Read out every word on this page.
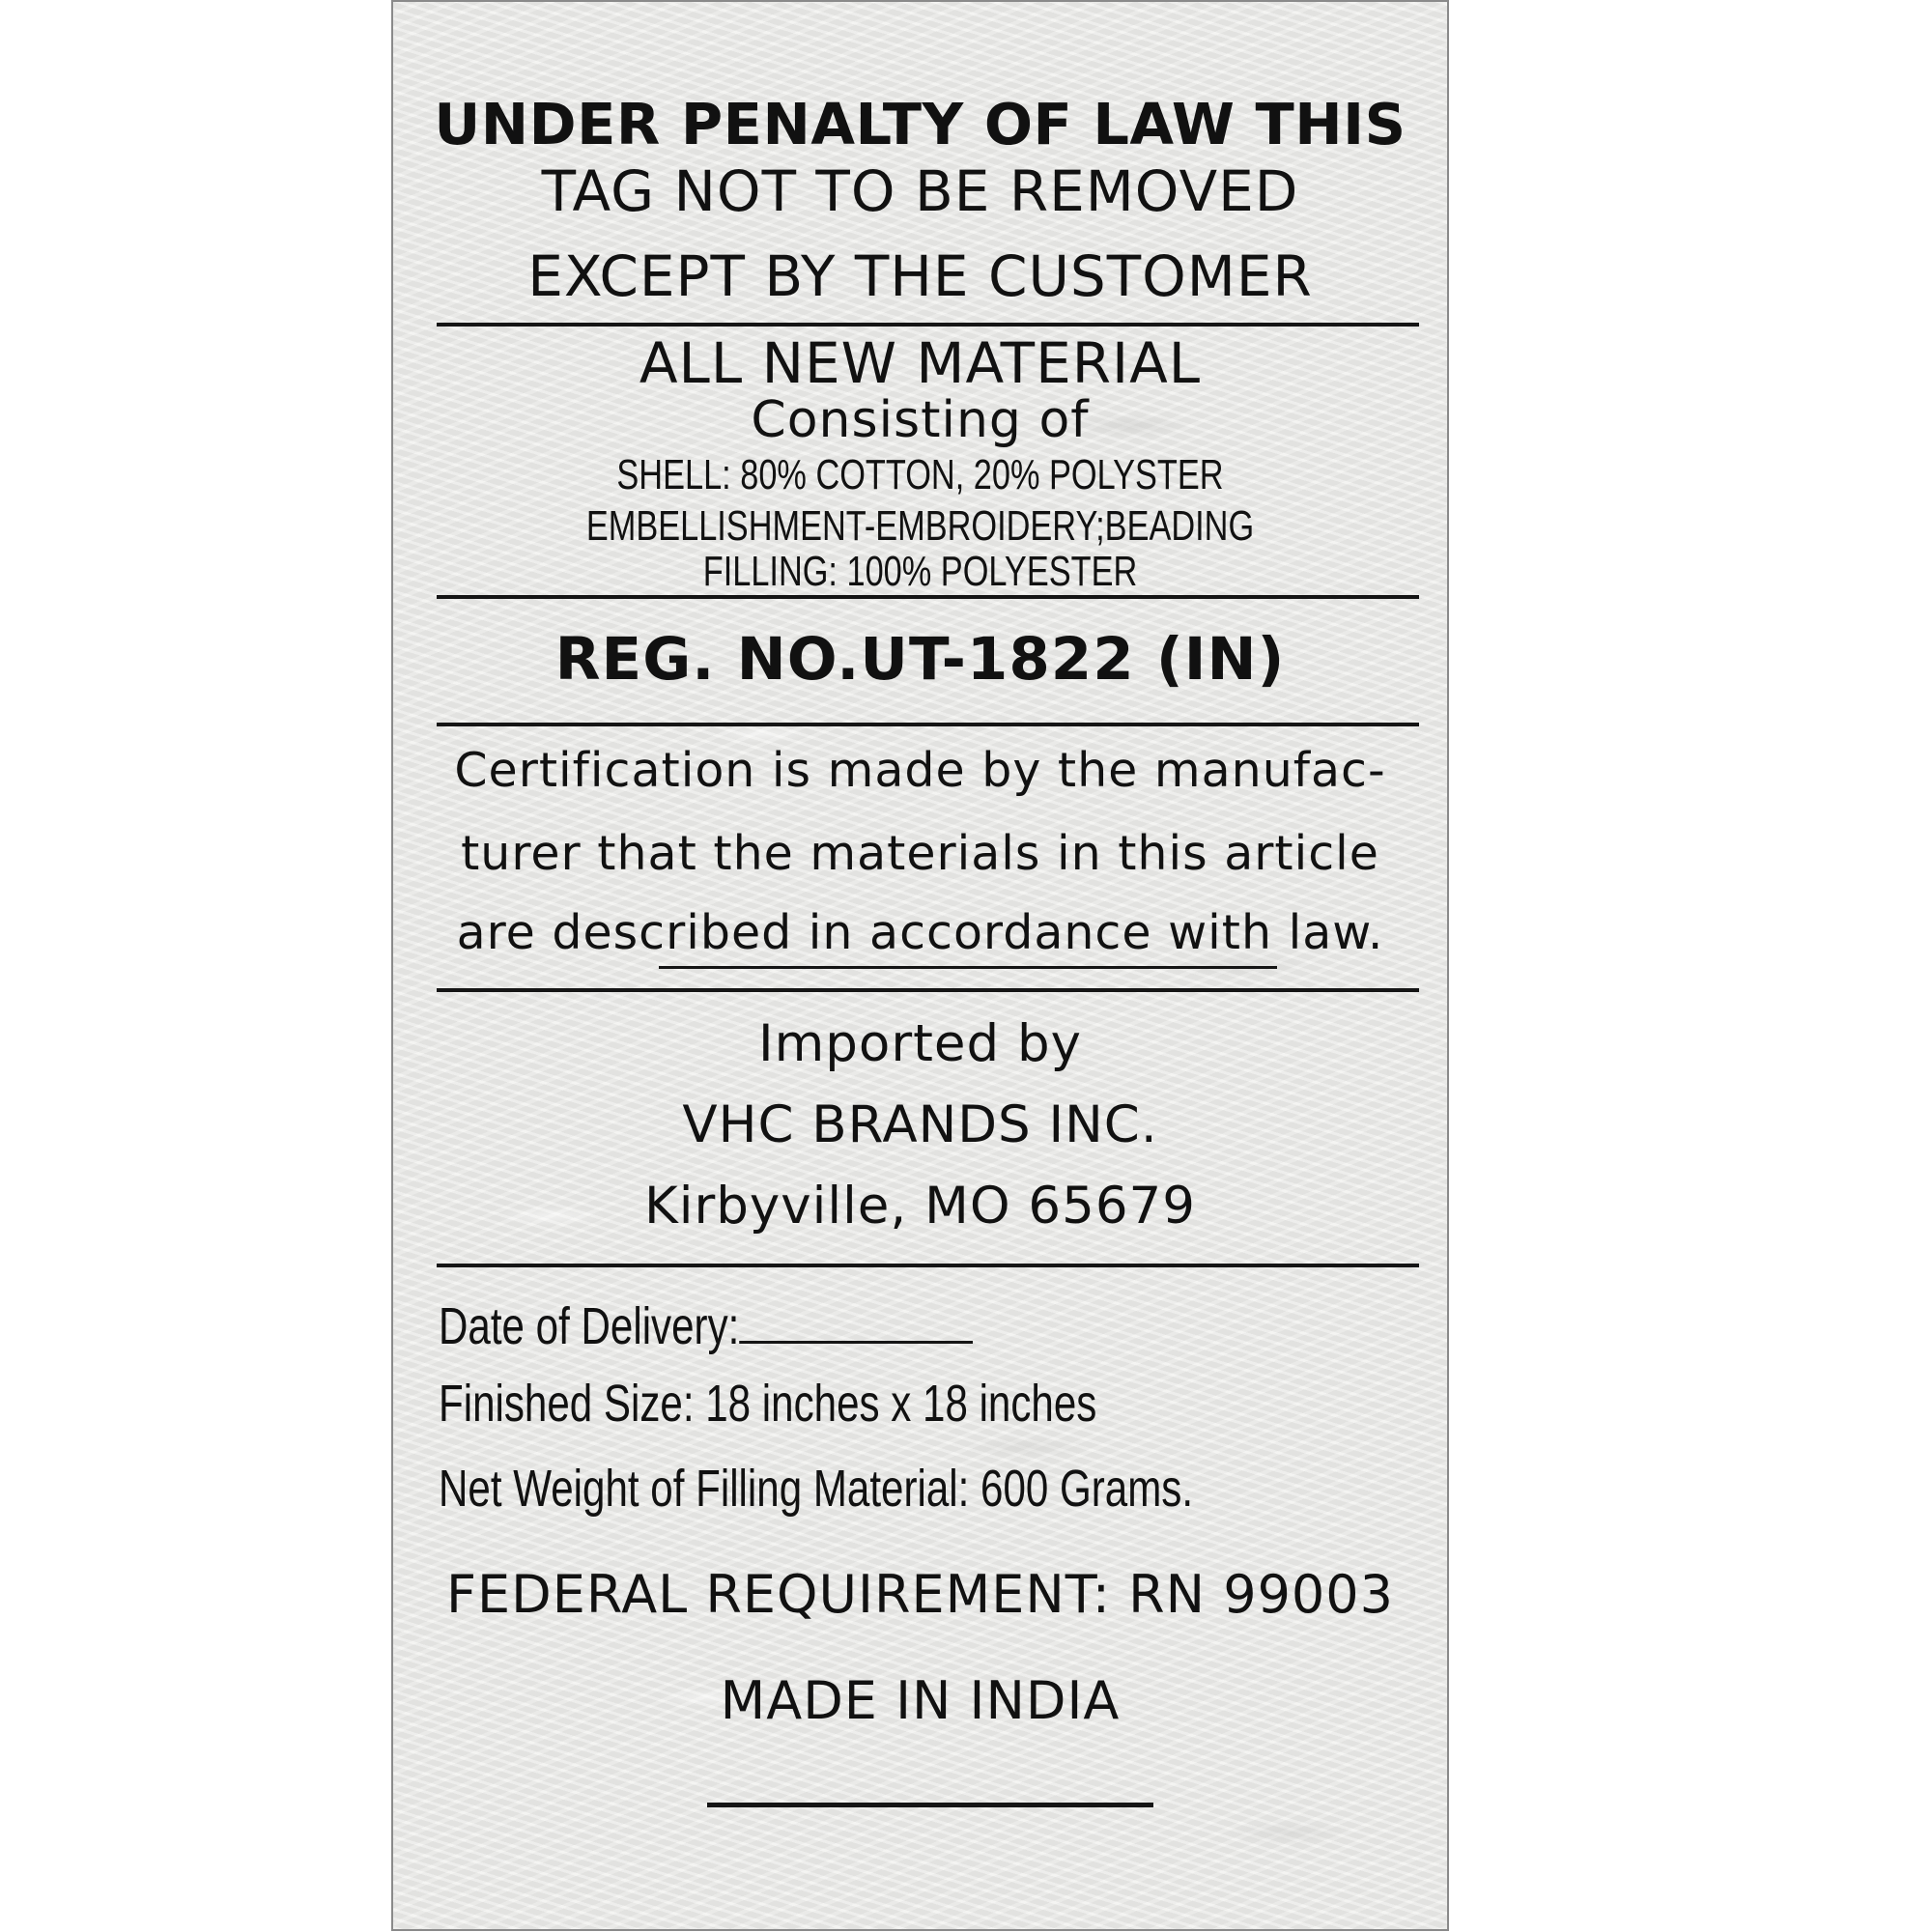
UNDER PENALTY OF LAW THIS
TAG NOT TO BE REMOVED
EXCEPT BY THE CUSTOMER
ALL NEW MATERIAL
Consisting of
SHELL: 80% COTTON, 20% POLYSTER
EMBELLISHMENT-EMBROIDERY;BEADING
FILLING: 100% POLYESTER
REG. NO.UT-1822 (IN)
Certification is made by the manufac-
turer that the materials in this article
are described in accordance with law.
Imported by
VHC BRANDS INC.
Kirbyville, MO 65679
Date of Delivery:
Finished Size: 18 inches x 18 inches
Net Weight of Filling Material: 600 Grams.
FEDERAL REQUIREMENT: RN 99003
MADE IN INDIA
